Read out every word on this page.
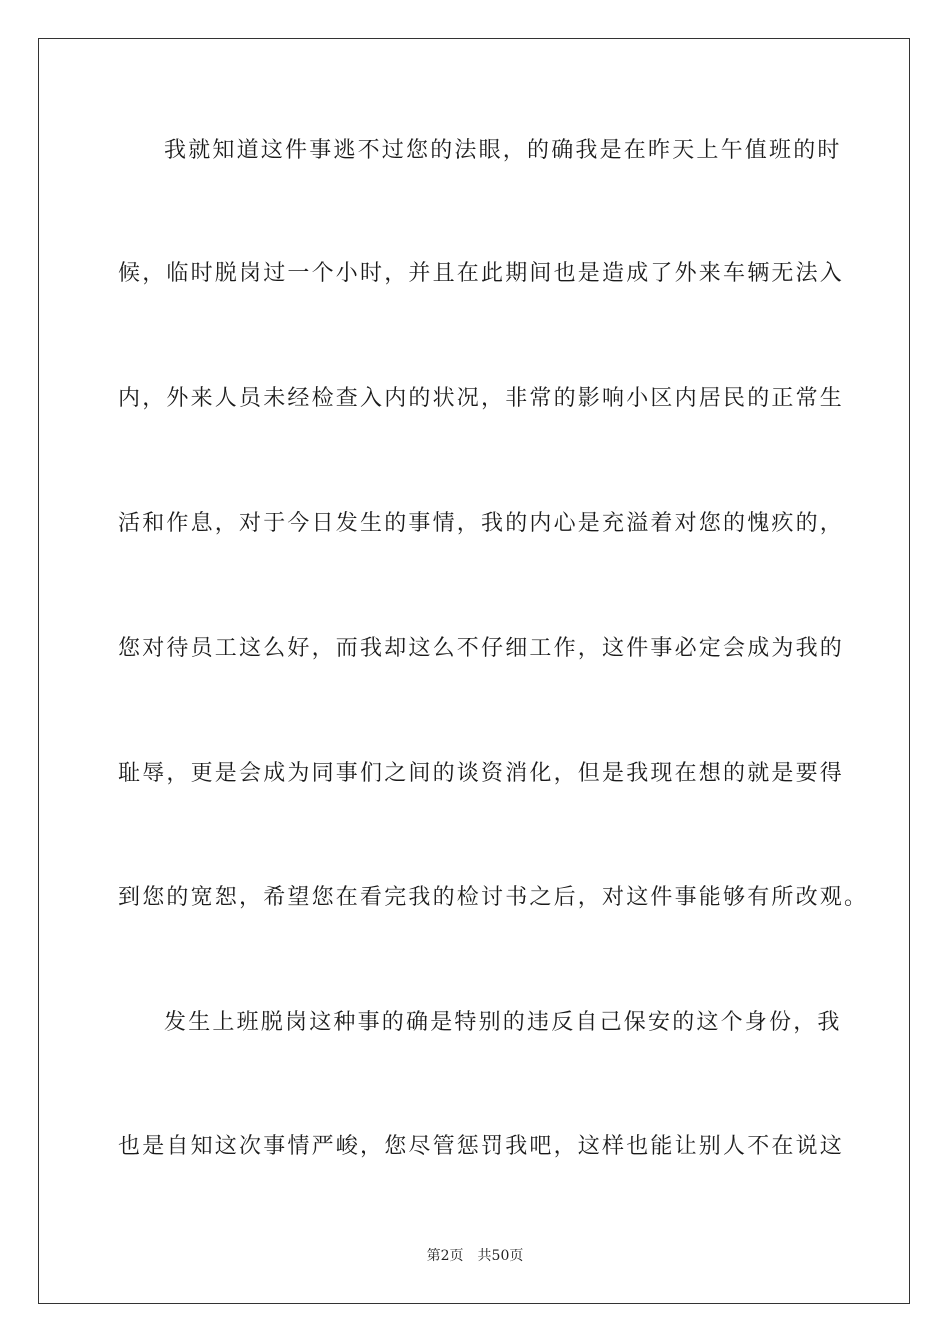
我就知道这件事逃不过您的法眼，的确我是在昨天上午值班的时
候，临时脱岗过一个小时，并且在此期间也是造成了外来车辆无法入
内，外来人员未经检查入内的状况，非常的影响小区内居民的正常生
活和作息，对于今日发生的事情，我的内心是充溢着对您的愧疚的，
您对待员工这么好，而我却这么不仔细工作，这件事必定会成为我的
耻辱，更是会成为同事们之间的谈资消化，但是我现在想的就是要得
到您的宽恕，希望您在看完我的检讨书之后，对这件事能够有所改观。
发生上班脱岗这种事的确是特别的违反自己保安的这个身份，我
也是自知这次事情严峻，您尽管惩罚我吧，这样也能让别人不在说这
第2页 共50页
